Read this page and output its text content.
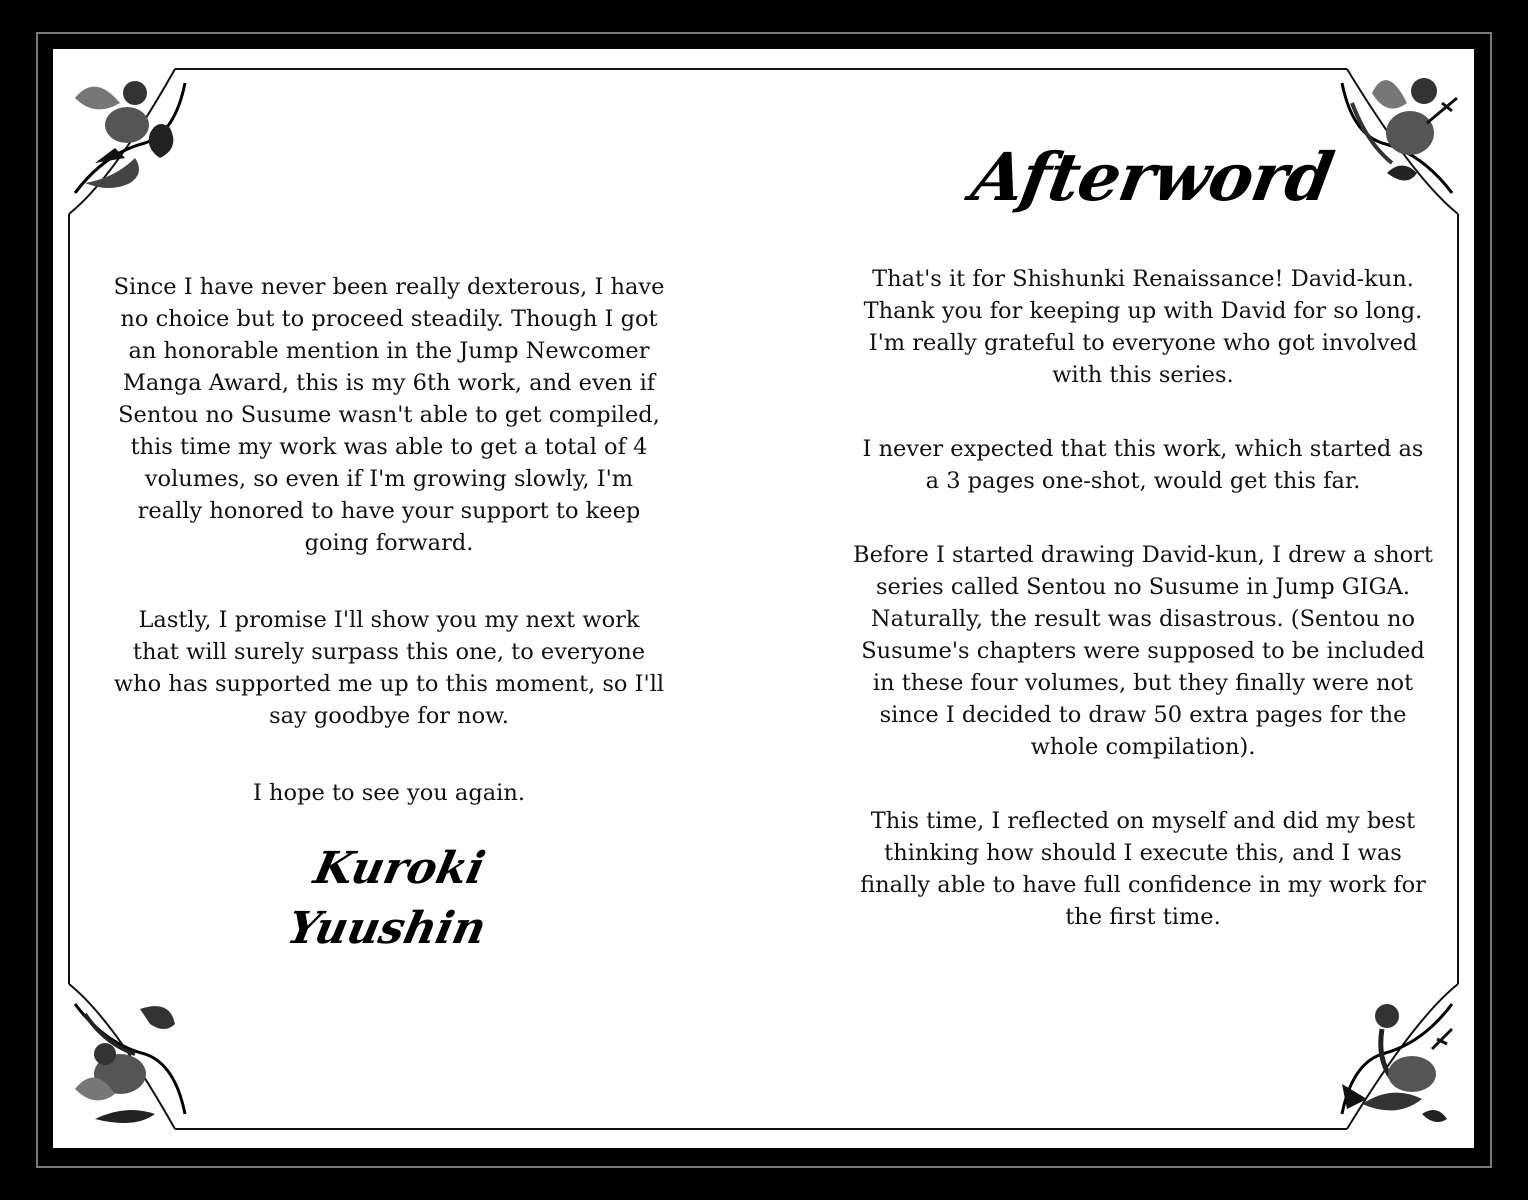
Afterword

Since I have never been really dexterous, I have no choice but to proceed steadily. Though I got an honorable mention in the Jump Newcomer Manga Award, this is my 6th work, and even if Sentou no Susume wasn't able to get compiled, this time my work was able to get a total of 4 volumes, so even if I'm growing slowly, I'm really honored to have your support to keep going forward.

Lastly, I promise I'll show you my next work that will surely surpass this one, to everyone who has supported me up to this moment, so I'll say goodbye for now.

I hope to see you again.

Kuroki Yuushin

That's it for Shishunki Renaissance! David-kun. Thank you for keeping up with David for so long. I'm really grateful to everyone who got involved with this series.

I never expected that this work, which started as a 3 pages one-shot, would get this far.

Before I started drawing David-kun, I drew a short series called Sentou no Susume in Jump GIGA. Naturally, the result was disastrous. (Sentou no Susume's chapters were supposed to be included in these four volumes, but they finally were not since I decided to draw 50 extra pages for the whole compilation).

This time, I reflected on myself and did my best thinking how should I execute this, and I was finally able to have full confidence in my work for the first time.
